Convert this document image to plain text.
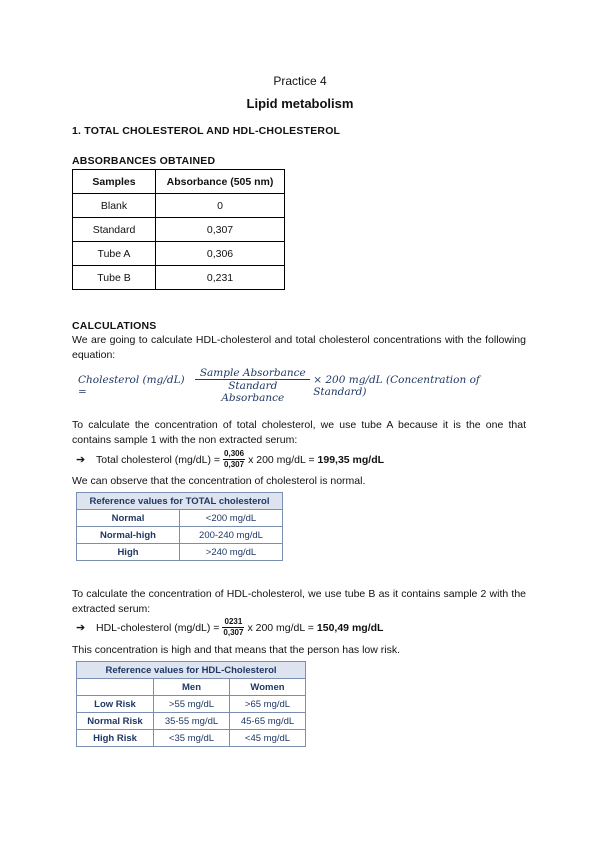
Practice 4
Lipid metabolism
1. TOTAL CHOLESTEROL AND HDL-CHOLESTEROL
ABSORBANCES OBTAINED
Samples	Absorbance (505 nm)
Blank	0
Standard	0,307
Tube A	0,306
Tube B	0,231
CALCULATIONS
We are going to calculate HDL-cholesterol and total cholesterol concentrations with the following equation:
Cholesterol (mg/dL) =	$\frac{\text{Sample Absorbance}}{\text{Standard Absorbance}} \times 200$ mg/dL (Concentration of Standard)
To calculate the concentration of total cholesterol, we use tube A because it is the one that contains sample 1 with the non extracted serum:
➔	Total cholesterol $(mg/dL) = \frac{0,306}{0,307}$ x 200 mg/dL = 199,35 mg/dL
We can observe that the concentration of cholesterol is normal.
Reference values for TOTAL cholesterol	
Normal	<200 mg/dL
Normal-high	200-240 mg/dL
High	>240 mg/dL
To calculate the concentration of HDL-cholesterol, we use tube B as it contains sample 2 with the extracted serum:
➔	HDL-cholesterol $(mg/dL) = \frac{0231}{0,307}$ x 200 mg/dL = 150,49 mg/dL
This concentration is high and that means that the person has low risk.
Reference values for HDL-Cholesterol		
	Men	Women
Low Risk	>55 mg/dL	>65 mg/dL
Normal Risk	35-55 mg/dL	45-65 mg/dL
High Risk	<35 mg/dL	<45 mg/dL
